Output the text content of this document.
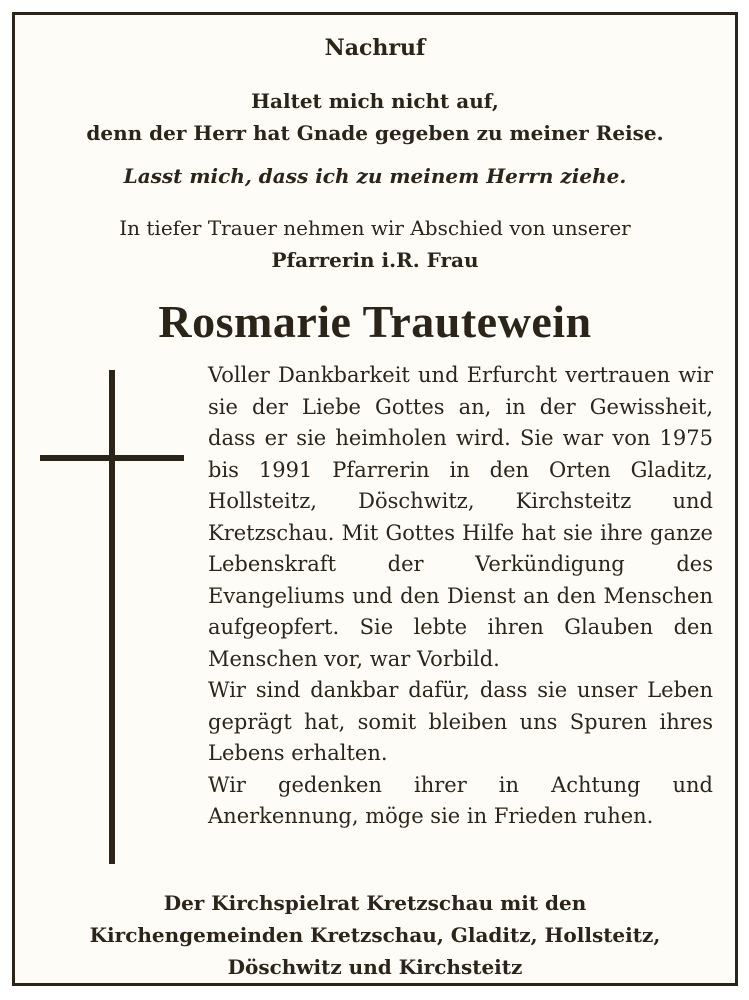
Nachruf
Haltet mich nicht auf,
denn der Herr hat Gnade gegeben zu meiner Reise.
Lasst mich, dass ich zu meinem Herrn ziehe.
In tiefer Trauer nehmen wir Abschied von unserer
Pfarrerin i.R. Frau
Rosmarie Trautewein

Voller Dankbarkeit und Erfurcht vertrauen wir sie der Liebe Gottes an, in der Gewissheit, dass er sie heimholen wird. Sie war von 1975 bis 1991 Pfarrerin in den Orten Gladitz, Hollsteitz, Döschwitz, Kirchsteitz und Kretzschau. Mit Gottes Hilfe hat sie ihre ganze Lebenskraft der Verkündigung des Evangeliums und den Dienst an den Menschen aufgeopfert. Sie lebte ihren Glauben den Menschen vor, war Vorbild.

Wir sind dankbar dafür, dass sie unser Leben geprägt hat, somit bleiben uns Spuren ihres Lebens erhalten.

Wir gedenken ihrer in Achtung und Anerkennung, möge sie in Frieden ruhen.

Der Kirchspielrat Kretzschau mit den
Kirchengemeinden Kretzschau, Gladitz, Hollsteitz,
Döschwitz und Kirchsteitz
